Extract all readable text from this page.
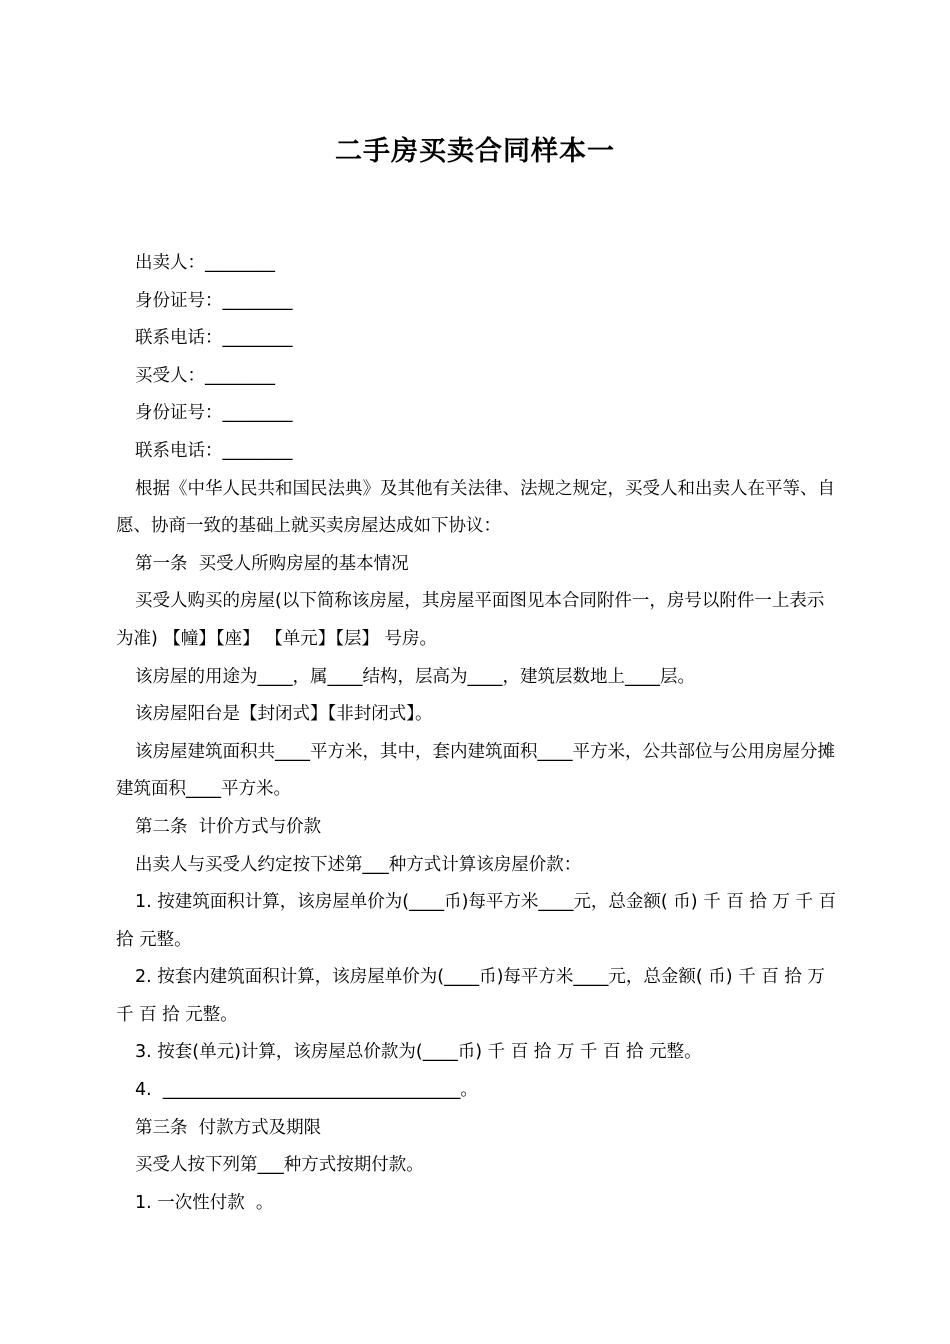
二手房买卖合同样本一

出卖人：________

身份证号：________

联系电话：________

买受人：________

身份证号：________

联系电话：________

根据《中华人民共和国民法典》及其他有关法律、法规之规定，买受人和出卖人在平等、自愿、协商一致的基础上就买卖房屋达成如下协议：

第一条  买受人所购房屋的基本情况

买受人购买的房屋(以下简称该房屋，其房屋平面图见本合同附件一，房号以附件一上表示为准) 【幢】【座】 【单元】【层】 号房。

该房屋的用途为____，属____结构，层高为____，建筑层数地上____层。

该房屋阳台是【封闭式】【非封闭式】。

该房屋建筑面积共____平方米，其中，套内建筑面积____平方米，公共部位与公用房屋分摊建筑面积____平方米。

第二条  计价方式与价款

出卖人与买受人约定按下述第___种方式计算该房屋价款：

1. 按建筑面积计算，该房屋单价为(____币)每平方米____元，总金额( 币) 千 百 拾 万 千 百 拾 元整。

2. 按套内建筑面积计算，该房屋单价为(____币)每平方米____元，总金额( 币) 千 百 拾 万 千 百 拾 元整。

3. 按套(单元)计算，该房屋总价款为(____币) 千 百 拾 万 千 百 拾 元整。

4.  __________________________________。

第三条  付款方式及期限

买受人按下列第___种方式按期付款。

1. 一次性付款  。
